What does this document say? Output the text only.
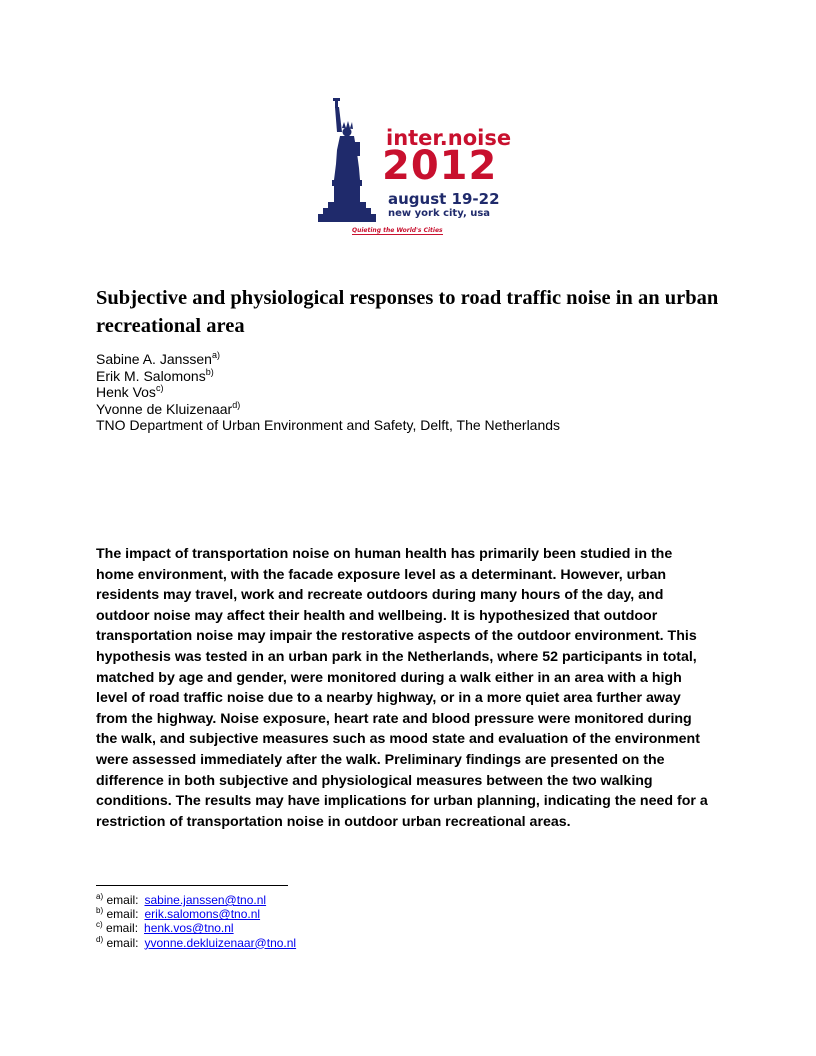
inter.noise
2012
august 19-22
new york city, usa
Quieting the World's Cities
Subjective and physiological responses to road traffic noise in an urban recreational area
Sabine A. Janssen$^{a)}$
Erik M. Salomons$^{b)}$
Henk Vos$^{c)}$
Yvonne de Kluizenaar$^{d)}$
TNO Department of Urban Environment and Safety, Delft, The Netherlands
The impact of transportation noise on human health has primarily been studied in the
home environment, with the facade exposure level as a determinant. However, urban
residents may travel, work and recreate outdoors during many hours of the day, and
outdoor noise may affect their health and wellbeing. It is hypothesized that outdoor
transportation noise may impair the restorative aspects of the outdoor environment. This
hypothesis was tested in an urban park in the Netherlands, where 52 participants in total,
matched by age and gender, were monitored during a walk either in an area with a high
level of road traffic noise due to a nearby highway, or in a more quiet area further away
from the highway. Noise exposure, heart rate and blood pressure were monitored during
the walk, and subjective measures such as mood state and evaluation of the environment
were assessed immediately after the walk. Preliminary findings are presented on the
difference in both subjective and physiological measures between the two walking
conditions. The results may have implications for urban planning, indicating the need for a
restriction of transportation noise in outdoor urban recreational areas.
$^{a)}$ email: sabine.janssen@tno.nl
$^{b)}$ email: erik.salomons@tno.nl
$^{c)}$ email: henk.vos@tno.nl
$^{d)}$ email: yvonne.dekluizenaar@tno.nl
